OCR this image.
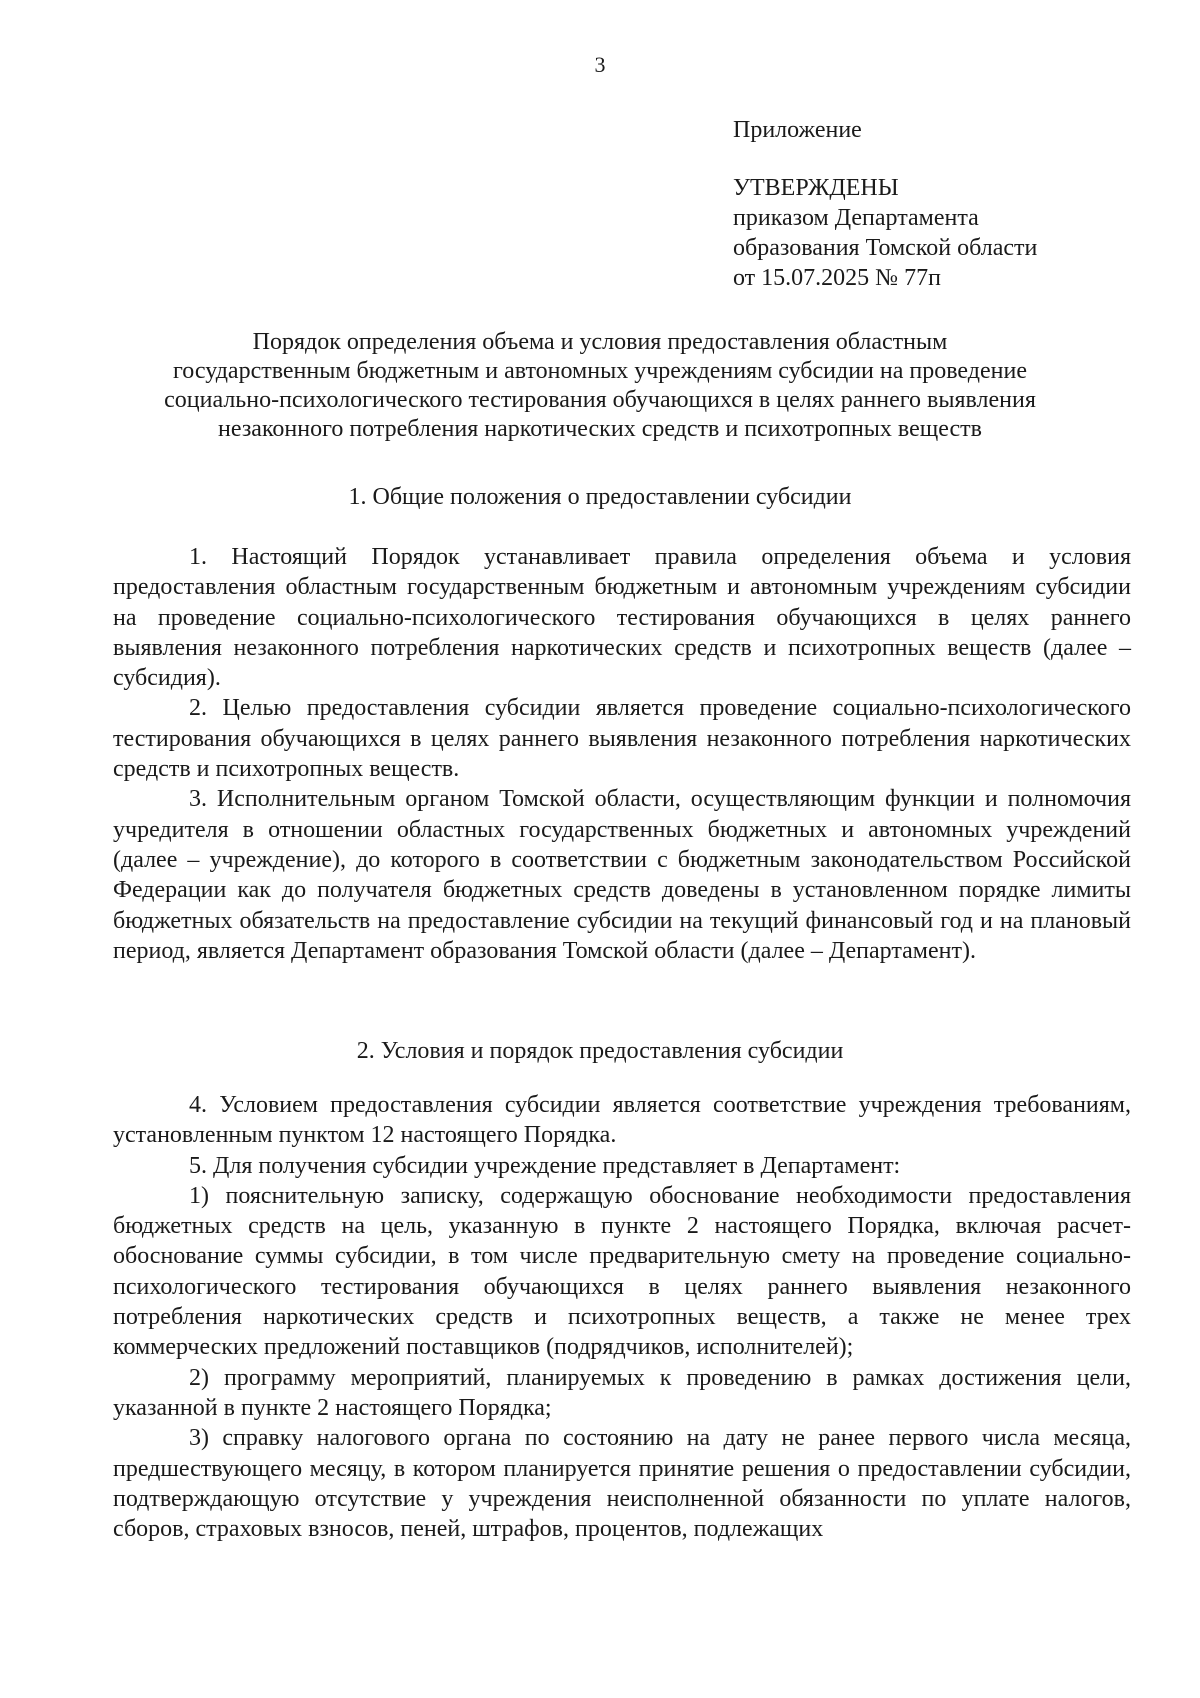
3

Приложение

УТВЕРЖДЕНЫ

приказом Департамента

образования Томской области

от 15.07.2025 № 77п

Порядок определения объема и условия предоставления областным
государственным бюджетным и автономных учреждениям субсидии на проведение
социально-психологического тестирования обучающихся в целях раннего выявления
незаконного потребления наркотических средств и психотропных веществ
1. Общие положения о предоставлении субсидии

1. Настоящий Порядок устанавливает правила определения объема и условия предоставления областным государственным бюджетным и автономным учреждениям субсидии на проведение социально-психологического тестирования обучающихся в целях раннего выявления незаконного потребления наркотических средств и психотропных веществ (далее – субсидия).

2. Целью предоставления субсидии является проведение социально-психологического тестирования обучающихся в целях раннего выявления незаконного потребления наркотических средств и психотропных веществ.

3. Исполнительным органом Томской области, осуществляющим функции и полномочия учредителя в отношении областных государственных бюджетных и автономных учреждений (далее – учреждение), до которого в соответствии с бюджетным законодательством Российской Федерации как до получателя бюджетных средств доведены в установленном порядке лимиты бюджетных обязательств на предоставление субсидии на текущий финансовый год и на плановый период, является Департамент образования Томской области (далее – Департамент).

2. Условия и порядок предоставления субсидии

4. Условием предоставления субсидии является соответствие учреждения требованиям, установленным пунктом 12 настоящего Порядка.

5. Для получения субсидии учреждение представляет в Департамент:

1) пояснительную записку, содержащую обоснование необходимости предоставления бюджетных средств на цель, указанную в пункте 2 настоящего Порядка, включая расчет-обоснование суммы субсидии, в том числе предварительную смету на проведение социально-психологического тестирования обучающихся в целях раннего выявления незаконного потребления наркотических средств и психотропных веществ, а также не менее трех коммерческих предложений поставщиков (подрядчиков, исполнителей);

2) программу мероприятий, планируемых к проведению в рамках достижения цели, указанной в пункте 2 настоящего Порядка;

3) справку налогового органа по состоянию на дату не ранее первого числа месяца, предшествующего месяцу, в котором планируется принятие решения о предоставлении субсидии, подтверждающую отсутствие у учреждения неисполненной обязанности по уплате налогов, сборов, страховых взносов, пеней, штрафов, процентов, подлежащих
